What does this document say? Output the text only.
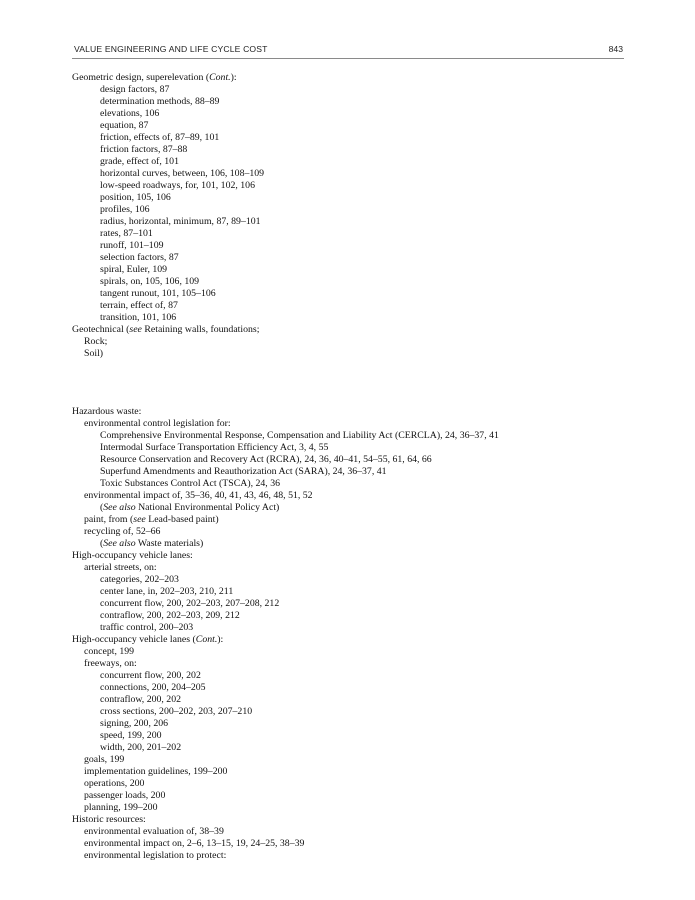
VALUE ENGINEERING AND LIFE CYCLE COST	843
Geometric design, superelevation (Cont.):
design factors, 87
determination methods, 88–89
elevations, 106
equation, 87
friction, effects of, 87–89, 101
friction factors, 87–88
grade, effect of, 101
horizontal curves, between, 106, 108–109
low-speed roadways, for, 101, 102, 106
position, 105, 106
profiles, 106
radius, horizontal, minimum, 87, 89–101
rates, 87–101
runoff, 101–109
selection factors, 87
spiral, Euler, 109
spirals, on, 105, 106, 109
tangent runout, 101, 105–106
terrain, effect of, 87
transition, 101, 106
Geotechnical (see Retaining walls, foundations;
Rock;
Soil)
Hazardous waste:
environmental control legislation for:
Comprehensive Environmental Response, Compensation and Liability Act (CERCLA), 24, 36–37, 41
Intermodal Surface Transportation Efficiency Act, 3, 4, 55
Resource Conservation and Recovery Act (RCRA), 24, 36, 40–41, 54–55, 61, 64, 66
Superfund Amendments and Reauthorization Act (SARA), 24, 36–37, 41
Toxic Substances Control Act (TSCA), 24, 36
environmental impact of, 35–36, 40, 41, 43, 46, 48, 51, 52
(See also National Environmental Policy Act)
paint, from (see Lead-based paint)
recycling of, 52–66
(See also Waste materials)
High-occupancy vehicle lanes:
arterial streets, on:
categories, 202–203
center lane, in, 202–203, 210, 211
concurrent flow, 200, 202–203, 207–208, 212
contraflow, 200, 202–203, 209, 212
traffic control, 200–203
High-occupancy vehicle lanes (Cont.):
concept, 199
freeways, on:
concurrent flow, 200, 202
connections, 200, 204–205
contraflow, 200, 202
cross sections, 200–202, 203, 207–210
signing, 200, 206
speed, 199, 200
width, 200, 201–202
goals, 199
implementation guidelines, 199–200
operations, 200
passenger loads, 200
planning, 199–200
Historic resources:
environmental evaluation of, 38–39
environmental impact on, 2–6, 13–15, 19, 24–25, 38–39
environmental legislation to protect:
